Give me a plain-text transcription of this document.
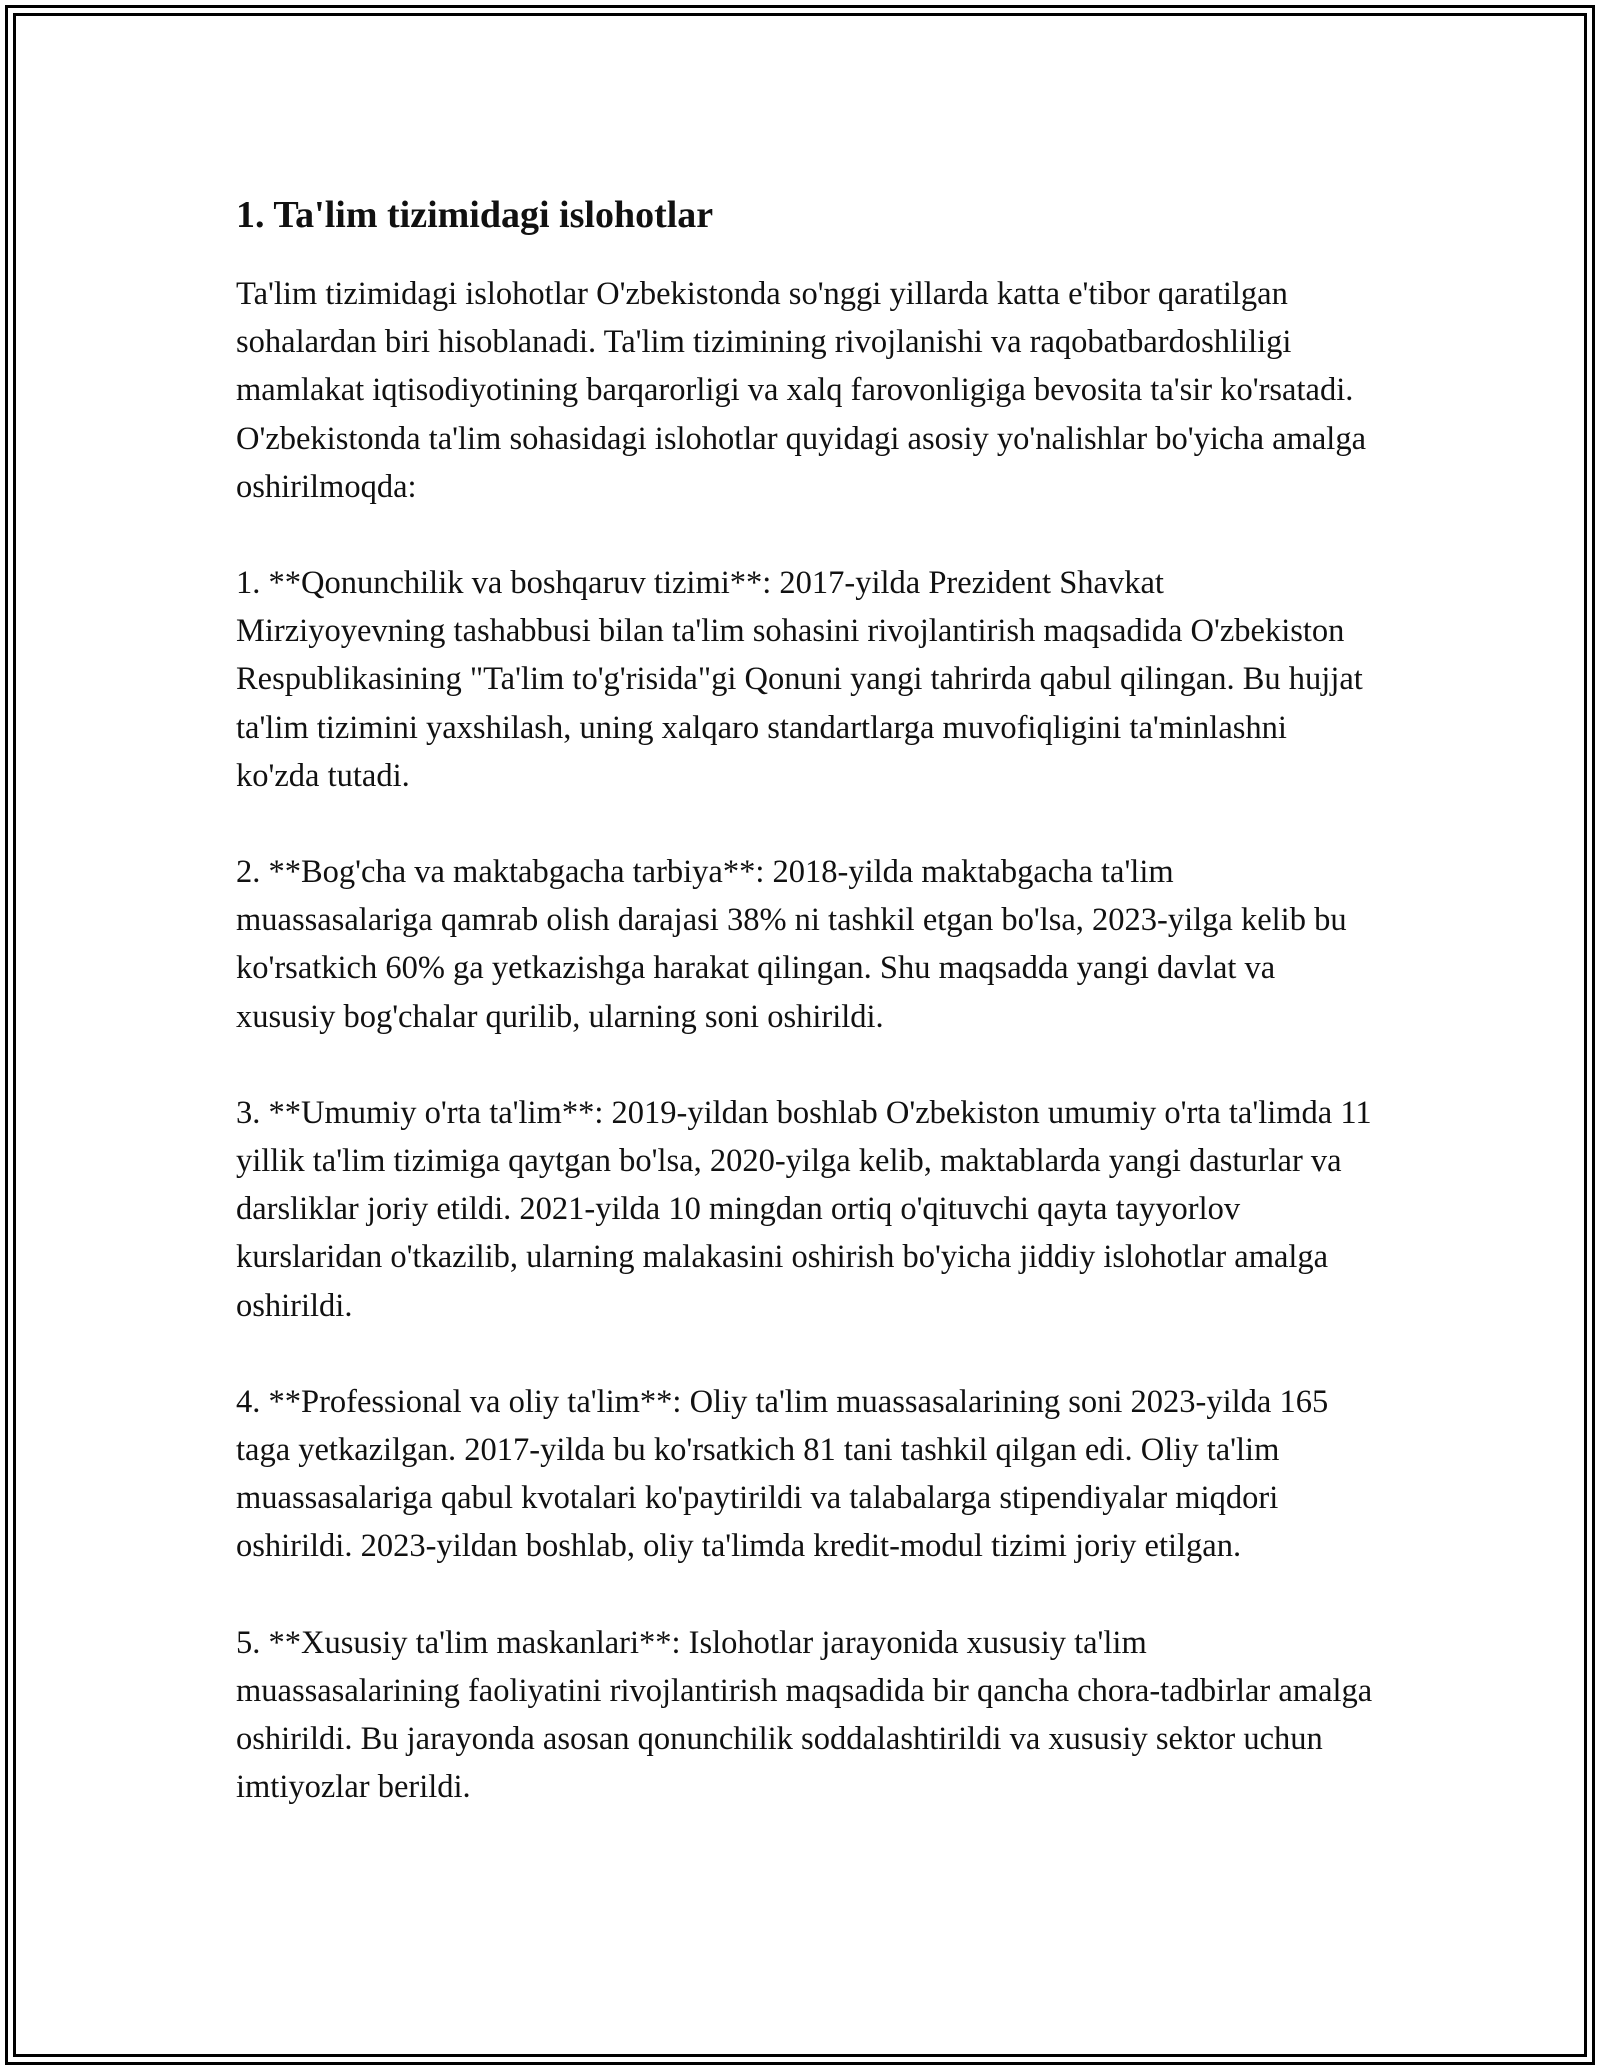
1. Ta'lim tizimidagi islohotlar

Ta'lim tizimidagi islohotlar O'zbekistonda so'nggi yillarda katta e'tibor qaratilgan sohalardan biri hisoblanadi. Ta'lim tizimining rivojlanishi va raqobatbardoshliligi mamlakat iqtisodiyotining barqarorligi va xalq farovonligiga bevosita ta'sir ko'rsatadi. O'zbekistonda ta'lim sohasidagi islohotlar quyidagi asosiy yo'nalishlar bo'yicha amalga oshirilmoqda:

1. **Qonunchilik va boshqaruv tizimi**: 2017-yilda Prezident Shavkat Mirziyoyevning tashabbusi bilan ta'lim sohasini rivojlantirish maqsadida O'zbekiston Respublikasining "Ta'lim to'g'risida"gi Qonuni yangi tahrirda qabul qilingan. Bu hujjat ta'lim tizimini yaxshilash, uning xalqaro standartlarga muvofiqligini ta'minlashni ko'zda tutadi.

2. **Bog'cha va maktabgacha tarbiya**: 2018-yilda maktabgacha ta'lim muassasalariga qamrab olish darajasi 38% ni tashkil etgan bo'lsa, 2023-yilga kelib bu ko'rsatkich 60% ga yetkazishga harakat qilingan. Shu maqsadda yangi davlat va xususiy bog'chalar qurilib, ularning soni oshirildi.

3. **Umumiy o'rta ta'lim**: 2019-yildan boshlab O'zbekiston umumiy o'rta ta'limda 11 yillik ta'lim tizimiga qaytgan bo'lsa, 2020-yilga kelib, maktablarda yangi dasturlar va darsliklar joriy etildi. 2021-yilda 10 mingdan ortiq o'qituvchi qayta tayyorlov kurslaridan o'tkazilib, ularning malakasini oshirish bo'yicha jiddiy islohotlar amalga oshirildi.

4. **Professional va oliy ta'lim**: Oliy ta'lim muassasalarining soni 2023-yilda 165 taga yetkazilgan. 2017-yilda bu ko'rsatkich 81 tani tashkil qilgan edi. Oliy ta'lim muassasalariga qabul kvotalari ko'paytirildi va talabalarga stipendiyalar miqdori oshirildi. 2023-yildan boshlab, oliy ta'limda kredit-modul tizimi joriy etilgan.

5. **Xususiy ta'lim maskanlari**: Islohotlar jarayonida xususiy ta'lim muassasalarining faoliyatini rivojlantirish maqsadida bir qancha chora-tadbirlar amalga oshirildi. Bu jarayonda asosan qonunchilik soddalashtirildi va xususiy sektor uchun imtiyozlar berildi.
